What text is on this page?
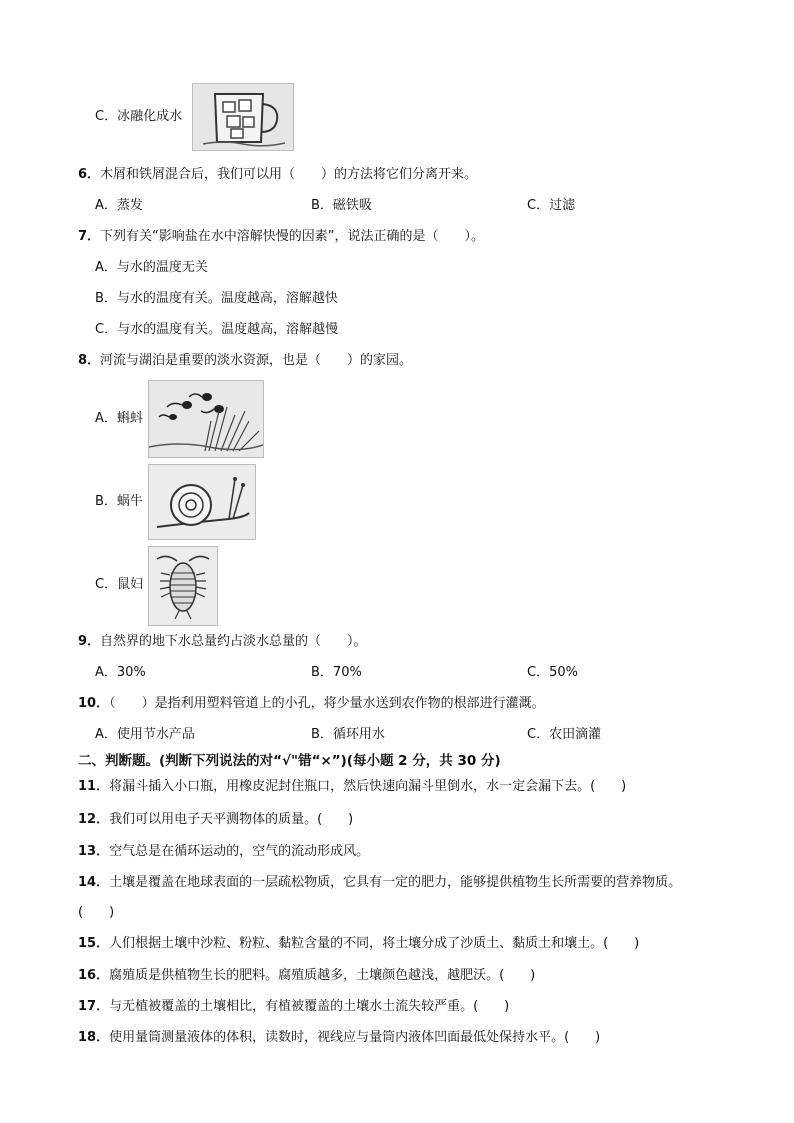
C．冰融化成水
6．木屑和铁屑混合后，我们可以用（　　）的方法将它们分离开来。
A．蒸发	B．磁铁吸	C．过滤
7．下列有关“影响盐在水中溶解快慢的因素”，说法正确的是（　　）。
A．与水的温度无关
B．与水的温度有关。温度越高，溶解越快
C．与水的温度有关。温度越高，溶解越慢
8．河流与湖泊是重要的淡水资源，也是（　　）的家园。
A．蝌蚪
B．蜗牛
C．鼠妇
9．自然界的地下水总量约占淡水总量的（　　）。
A．30%	B．70%	C．50%
10．（　　）是指利用塑料管道上的小孔，将少量水送到农作物的根部进行灌溉。
A．使用节水产品	B．循环用水	C．农田滴灌
二、判断题。(判断下列说法的对“√"错“×”)(每小题 2 分，共 30 分)
11．将漏斗插入小口瓶，用橡皮泥封住瓶口，然后快速向漏斗里倒水，水一定会漏下去。(　　)
12．我们可以用电子天平测物体的质量。(　　)
13．空气总是在循环运动的，空气的流动形成风。
14．土壤是覆盖在地球表面的一层疏松物质，它具有一定的肥力，能够提供植物生长所需要的营养物质。
(　　)
15．人们根据土壤中沙粒、粉粒、黏粒含量的不同，将土壤分成了沙质土、黏质土和壤土。(　　)
16．腐殖质是供植物生长的肥料。腐殖质越多，土壤颜色越浅，越肥沃。(　　)
17．与无植被覆盖的土壤相比，有植被覆盖的土壤水土流失较严重。(　　)
18．使用量筒测量液体的体积，读数时，视线应与量筒内液体凹面最低处保持水平。(　　)
